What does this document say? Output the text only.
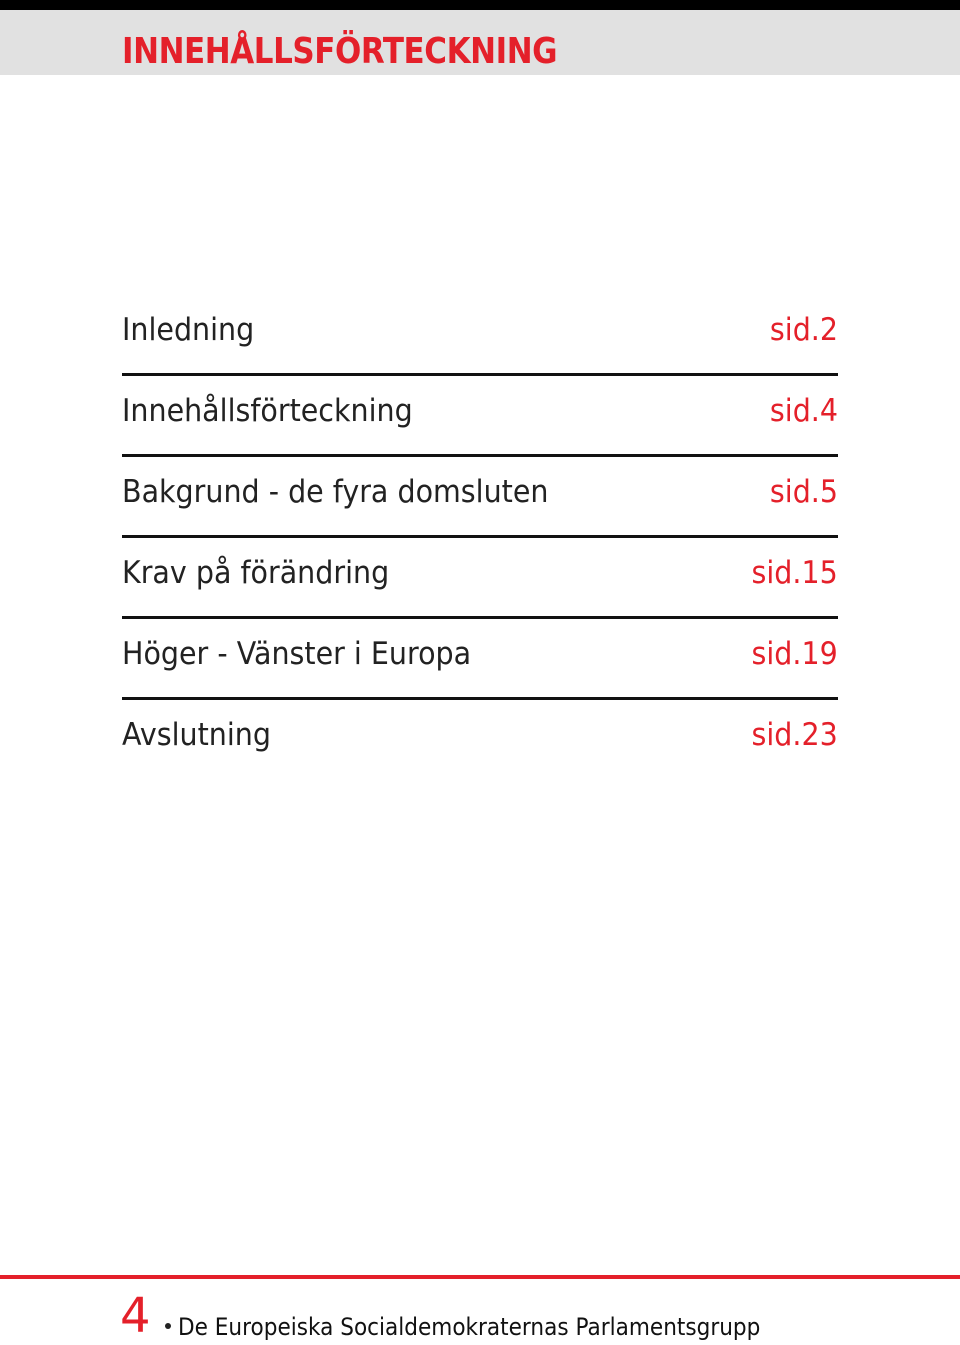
INNEHÅLLSFÖRTECKNING
Inledning	sid.2
Innehållsförteckning	sid.4
Bakgrund - de fyra domsluten	sid.5
Krav på förändring	sid.15
Höger - Vänster i Europa	sid.19
Avslutning	sid.23
4 De Europeiska Socialdemokraternas Parlamentsgrupp
